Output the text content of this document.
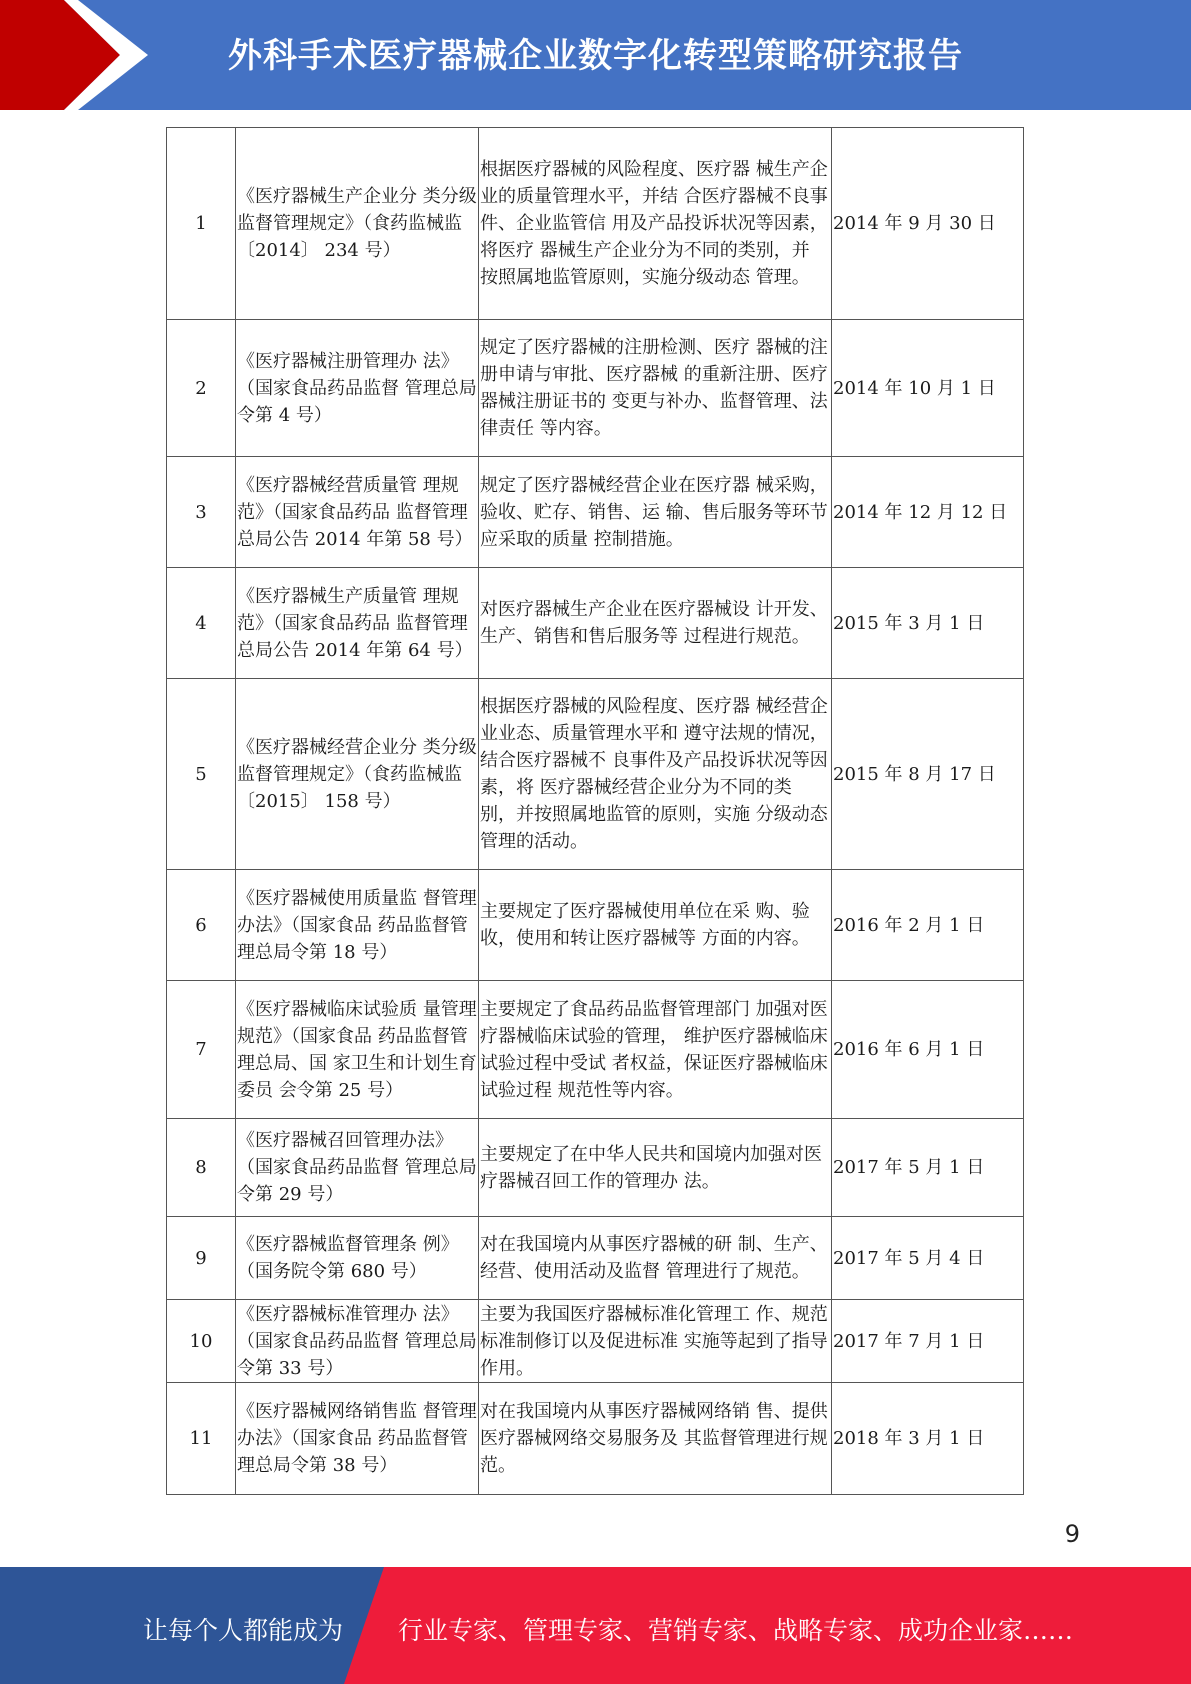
外科手术医疗器械企业数字化转型策略研究报告
1	《医疗器械生产企业分 类分级监督管理规定》（食药监械监〔2014〕 234 号）	根据医疗器械的风险程度、医疗器 械生产企业的质量管理水平，并结 合医疗器械不良事件、企业监管信 用及产品投诉状况等因素，将医疗 器械生产企业分为不同的类别，并 按照属地监管原则，实施分级动态 管理。	2014 年 9 月 30 日
2	《医疗器械注册管理办 法》（国家食品药品监督 管理总局令第 4 号）	规定了医疗器械的注册检测、医疗 器械的注册申请与审批、医疗器械 的重新注册、医疗器械注册证书的 变更与补办、监督管理、法律责任 等内容。	2014 年 10 月 1 日
3	《医疗器械经营质量管 理规范》（国家食品药品 监督管理总局公告 2014 年第 58 号）	规定了医疗器械经营企业在医疗器 械采购，验收、贮存、销售、运 输、售后服务等环节应采取的质量 控制措施。	2014 年 12 月 12 日
4	《医疗器械生产质量管 理规范》（国家食品药品 监督管理总局公告 2014 年第 64 号）	对医疗器械生产企业在医疗器械设 计开发、生产、销售和售后服务等 过程进行规范。	2015 年 3 月 1 日
5	《医疗器械经营企业分 类分级监督管理规定》（食药监械监〔2015〕 158 号）	根据医疗器械的风险程度、医疗器 械经营企业业态、质量管理水平和 遵守法规的情况，结合医疗器械不 良事件及产品投诉状况等因素，将 医疗器械经营企业分为不同的类 别，并按照属地监管的原则，实施 分级动态管理的活动。	2015 年 8 月 17 日
6	《医疗器械使用质量监 督管理办法》（国家食品 药品监督管理总局令第 18 号）	主要规定了医疗器械使用单位在采 购、验收，使用和转让医疗器械等 方面的内容。	2016 年 2 月 1 日
7	《医疗器械临床试验质 量管理规范》（国家食品 药品监督管理总局、国 家卫生和计划生育委员 会令第 25 号）	主要规定了食品药品监督管理部门 加强对医疗器械临床试验的管理， 维护医疗器械临床试验过程中受试 者权益，保证医疗器械临床试验过程 规范性等内容。	2016 年 6 月 1 日
8	《医疗器械召回管理办法》（国家食品药品监督 管理总局令第 29 号）	主要规定了在中华人民共和国境内加强对医疗器械召回工作的管理办 法。	2017 年 5 月 1 日
9	《医疗器械监督管理条 例》（国务院令第 680 号）	对在我国境内从事医疗器械的研 制、生产、经营、使用活动及监督 管理进行了规范。	2017 年 5 月 4 日
10	《医疗器械标准管理办 法》（国家食品药品监督 管理总局令第 33 号）	主要为我国医疗器械标准化管理工 作、规范标准制修订以及促进标准 实施等起到了指导作用。	2017 年 7 月 1 日
11	《医疗器械网络销售监 督管理办法》（国家食品 药品监督管理总局令第 38 号）	对在我国境内从事医疗器械网络销 售、提供医疗器械网络交易服务及 其监督管理进行规范。	2018 年 3 月 1 日
9
让每个人都能成为 行业专家、管理专家、营销专家、战略专家、成功企业家……
